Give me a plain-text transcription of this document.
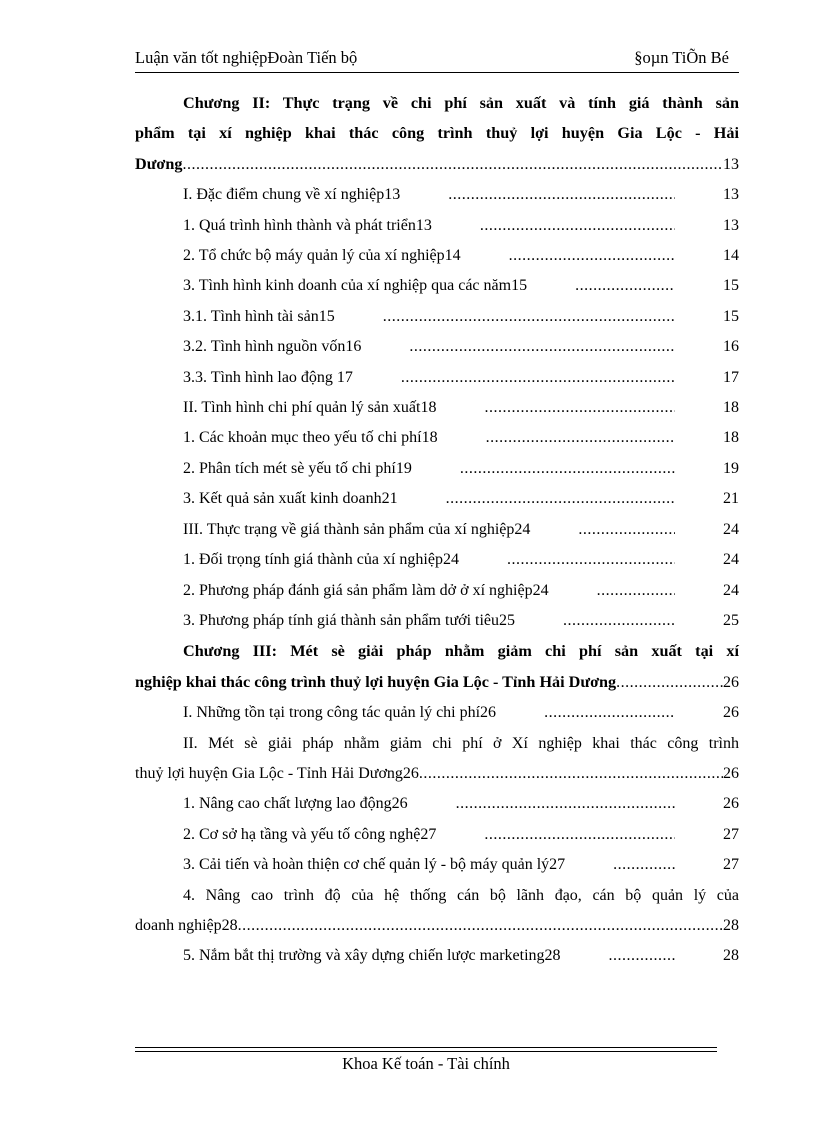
Luận văn tốt nghiệpĐoàn Tiến bộ	§oµn TiÕn Bé
Chương II: Thực trạng về chi phí sản xuất và tính giá thành sản
phẩm tại xí nghiệp khai thác công trình thuỷ lợi huyện Gia Lộc - Hải
Dương .....	13
I. Đặc điểm chung về xí nghiệp13 .....	13
1. Quá trình hình thành và phát triển13 .....	13
2. Tổ chức bộ máy quản lý của xí nghiệp14 .....	14
3. Tình hình kinh doanh của xí nghiệp qua các năm15 .....	15
3.1. Tình hình tài sản15 .....	15
3.2. Tình hình nguồn vốn16 .....	16
3.3. Tình hình lao động 17 .....	17
II. Tình hình chi phí quản lý sản xuất18 .....	18
1. Các khoản mục theo yếu tố chi phí18 .....	18
2. Phân tích mét sè yếu tố chi phí19 .....	19
3. Kết quả sản xuất kinh doanh21 .....	21
III. Thực trạng về giá thành sản phẩm của xí nghiệp24 .....	24
1. Đối trọng tính giá thành của xí nghiệp24 .....	24
2. Phương pháp đánh giá sản phẩm làm dở ở xí nghiệp24 .....	24
3. Phương pháp tính giá thành sản phẩm tưới tiêu25 .....	25
Chương III: Mét sè giải pháp nhằm giảm chi phí sản xuất tại xí
nghiệp khai thác công trình thuỷ lợi huyện Gia Lộc - Tỉnh Hải Dương .....	26
I. Những tồn tại trong công tác quản lý chi phí26 .....	26
II. Mét sè giải pháp nhằm giảm chi phí ở Xí nghiệp khai thác công trình
thuỷ lợi huyện Gia Lộc - Tỉnh Hải Dương26 .....	26
1. Nâng cao chất lượng lao động26 .....	26
2. Cơ sở hạ tầng và yếu tố công nghệ27 .....	27
3. Cải tiến và hoàn thiện cơ chế quản lý - bộ máy quản lý27 .....	27
4. Nâng cao trình độ của hệ thống cán bộ lãnh đạo, cán bộ quản lý của
doanh nghiệp28 .....	28
5. Nắm bắt thị trường và xây dựng chiến lược marketing28 .....	28
Khoa Kế toán - Tài chính
